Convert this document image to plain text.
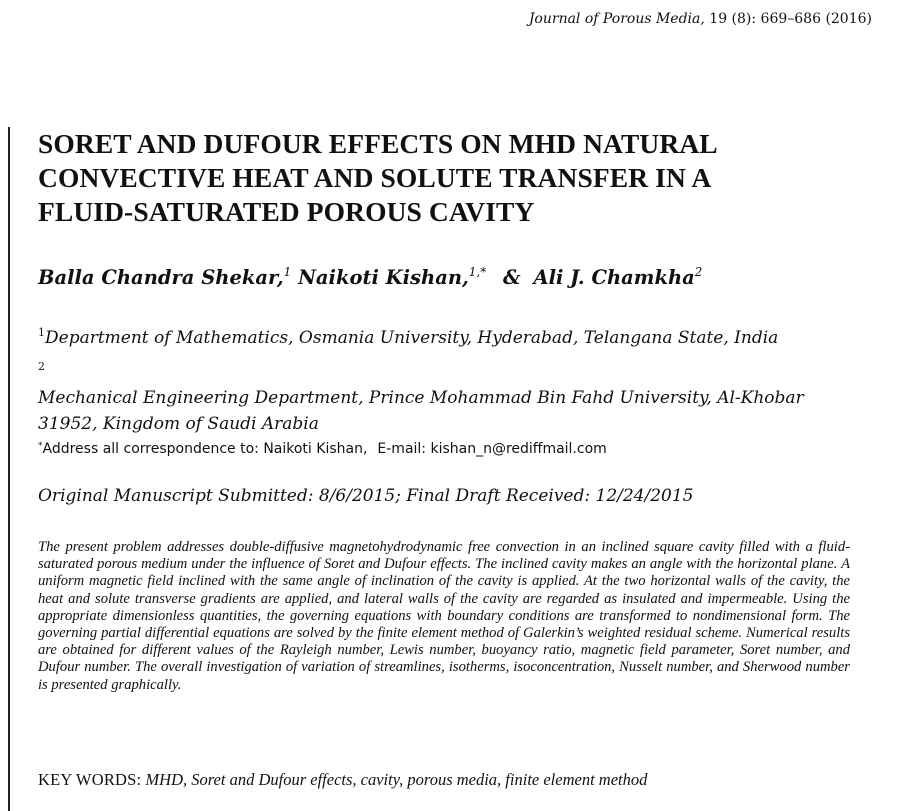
Journal of Porous Media, 19 (8): 669–686 (2016)
SORET AND DUFOUR EFFECTS ON MHD NATURAL
CONVECTIVE HEAT AND SOLUTE TRANSFER IN A
FLUID-SATURATED POROUS CAVITY
Balla Chandra Shekar,$^1$ Naikoti Kishan,$^{1,*}$ & Ali J. Chamkha$^2$
$^1$Department of Mathematics, Osmania University, Hyderabad, Telangana State, India
$^2$
Mechanical Engineering Department, Prince Mohammad Bin Fahd University, Al-Khobar
31952, Kingdom of Saudi Arabia
*Address all correspondence to: Naikoti Kishan, E-mail: kishan_n@rediffmail.com
Original Manuscript Submitted: 8/6/2015; Final Draft Received: 12/24/2015

The present problem addresses double-diffusive magnetohydrodynamic free convection in an inclined square cavity filled with a fluid-saturated porous medium under the influence of Soret and Dufour effects. The inclined cavity makes an angle with the horizontal plane. A uniform magnetic field inclined with the same angle of inclination of the cavity is applied. At the two horizontal walls of the cavity, the heat and solute transverse gradients are applied, and lateral walls of the cavity are regarded as insulated and impermeable. Using the appropriate dimensionless quantities, the governing equations with boundary conditions are transformed to nondimensional form. The governing partial differential equations are solved by the finite element method of Galerkin’s weighted residual scheme. Numerical results are obtained for different values of the Rayleigh number, Lewis number, buoyancy ratio, magnetic field parameter, Soret number, and Dufour number. The overall investigation of variation of streamlines, isotherms, isoconcentration, Nusselt number, and Sherwood number is presented graphically.

KEY WORDS: MHD, Soret and Dufour effects, cavity, porous media, finite element method
